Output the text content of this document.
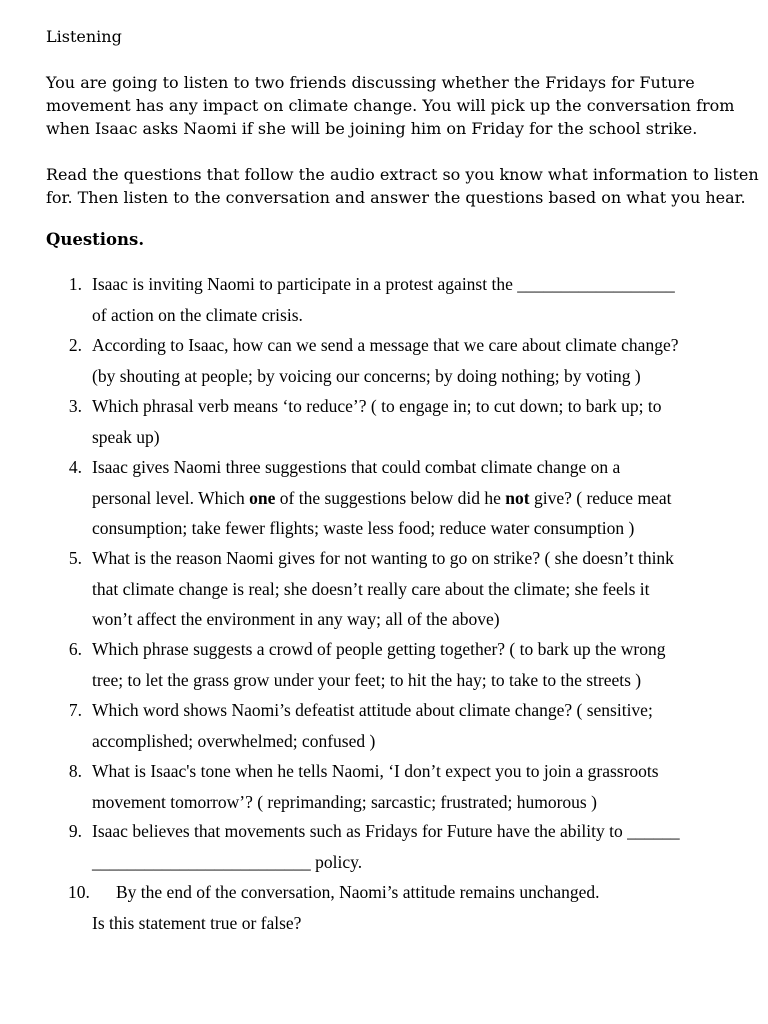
Listening
You are going to listen to two friends discussing whether the Fridays for Future
movement has any impact on climate change. You will pick up the conversation from
when Isaac asks Naomi if she will be joining him on Friday for the school strike.
Read the questions that follow the audio extract so you know what information to listen
for. Then listen to the conversation and answer the questions based on what you hear.
Questions.
1. Isaac is inviting Naomi to participate in a protest against the __________________
of action on the climate crisis.
2. According to Isaac, how can we send a message that we care about climate change?
(by shouting at people; by voicing our concerns; by doing nothing; by voting )
3. Which phrasal verb means ‘to reduce’? ( to engage in; to cut down; to bark up; to
speak up)
4. Isaac gives Naomi three suggestions that could combat climate change on a
personal level. Which one of the suggestions below did he not give? ( reduce meat
consumption; take fewer flights; waste less food; reduce water consumption )
5. What is the reason Naomi gives for not wanting to go on strike? ( she doesn’t think
that climate change is real; she doesn’t really care about the climate; she feels it
won’t affect the environment in any way; all of the above)
6. Which phrase suggests a crowd of people getting together? ( to bark up the wrong
tree; to let the grass grow under your feet; to hit the hay; to take to the streets )
7. Which word shows Naomi’s defeatist attitude about climate change? ( sensitive;
accomplished; overwhelmed; confused )
8. What is Isaac's tone when he tells Naomi, ‘I don’t expect you to join a grassroots
movement tomorrow’? ( reprimanding; sarcastic; frustrated; humorous )
9. Isaac believes that movements such as Fridays for Future have the ability to ______
_________________________ policy.
10. By the end of the conversation, Naomi’s attitude remains unchanged.
Is this statement true or false?
